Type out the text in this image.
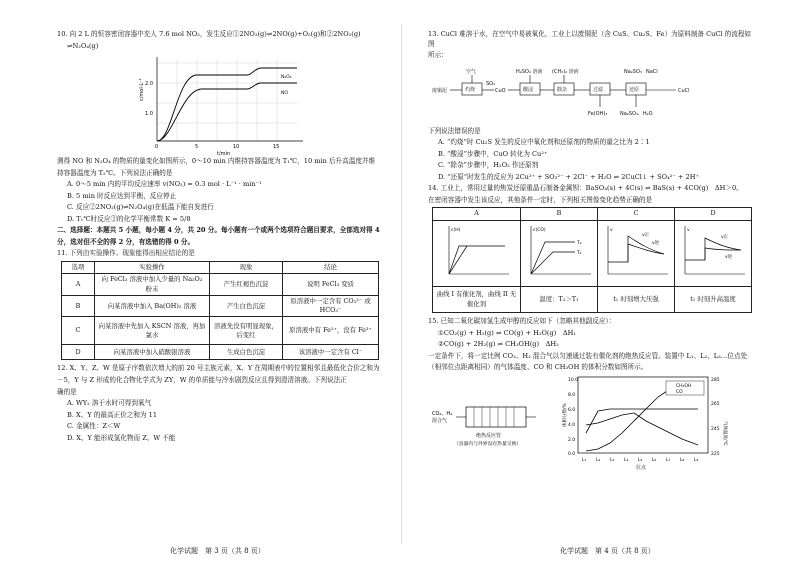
10. 向 2 L 的恒容密闭容器中充人 7.6 mol NO₂，发生反应①2NO₂(g)⇌2NO(g)+O₂(g)和②2NO₂(g)
⇌N₂O₄(g)
c/mol·L⁻¹ 2.0
1.0
N₂O₄
NO
0	5	10	15
t/min
测得 NO 和 N₂O₄ 的物质的量变化如图所示，0～10 min 内维持容器温度为 T₁℃，10 min 后升高温度并维
持容器温度为 T₂℃。下列说法正确的是
A. 0～5 min 内的平均反应速率 v(NO₂) = 0.3 mol · L⁻¹ · min⁻¹
B. 5 min 时反应达到平衡，反应停止
C. 反应②2NO₂(g)⇌N₂O₄(g)在低温下能自发进行
D. T₁℃时反应②的化学平衡常数 K = 5/8
二、选择题：本题共 5 小题，每小题 4 分，共 20 分。每小题有一个或两个选项符合题目要求，全部选对得 4
分，选对但不全的得 2 分，有选错的得 0 分。
11. 下列由实验操作、现象能得出相应结论的是
选项	实验操作	现象	结论
A	向 FeCl₃ 溶液中加入少量的 Na₂O₂ 粉末	产生红褐色沉淀	说明 FeCl₃ 变质
B	向某溶液中加入 Ba(OH)₂ 溶液	产生白色沉淀	原溶液中一定含有 CO₃²⁻ 或 HCO₃⁻
C	向某溶液中先加入 KSCN 溶液，再加氯水	溶液先没有明显现象，后变红	原溶液中有 Fe²⁺，没有 Fe³⁺
D	向某溶液中加入硝酸银溶液	生成白色沉淀	该溶液中一定含有 Cl⁻
12. X、Y、Z、W 是原子序数依次增大的前 20 号主族元素，X、Y 在周期表中的位置相邻且最低化合价之和为
－5，Y 与 Z 形成的化合物化学式为 ZY，W 的单质能与冷水剧烈反应且得到澄清溶液。下列说法正
确的是
A. WY₂ 溶于水时可得到氧气
B. X、Y 的最高正价之和为 11
C. 金属性：Z＜W
D. X、Y 能形成氢化物而 Z、W 不能
化学试题　第 3 页（共 8 页）
13. CuCl 难溶于水，在空气中易被氧化，工业上以废铜泥（含 CuS、Cu₂S、Fe）为原料制备 CuCl 的流程如图
所示：
废铜泥	灼烧
空气
SO₂
CuO	酸浸
H₂SO₄ 溶液
除杂
(CH₃)₂ 溶液
过滤
Fe(OH)₃
还原
Na₂SO₃ NaCl
Na₂SO₄、H₂O
CuCl
下列说法错误的是
A. “灼烧”时 Cu₂S 发生的反应中氧化剂和还原剂的物质的量之比为 2∶1
B. “酸浸”步骤中，CuO 转化为 Cu²⁺
C. “除杂”步骤中，H₂O₂ 作还原剂
D. “还原”时发生的反应为 2Cu²⁺ + SO₃²⁻ + 2Cl⁻ + H₂O ⇌ 2CuCl↓ + SO₄²⁻ + 2H⁺
14. 工业上，常用过量的焦炭还原重晶石制备金属钡：BaSO₄(s) + 4C(s) ⇌ BaS(s) + 4CO(g)　ΔH＞0。
在密闭容器中发生该反应，其他条件一定时，下列相关图像变化趋势正确的是
A	B	C	D

c(H)	c(CO)
T₂
T₁	v
v正
v逆	v
v正
v逆

曲线 I 有催化剂，曲线 II 无催化剂	温度：T₂＞T₁	t₁ 时刻增大压强	t₁ 时刻升高温度
15. 已知二氧化碳加氢生成甲醇的反应如下（忽略其他副反应）：
①CO₂(g) + H₂(g) ⇌ CO(g) + H₂O(g)　ΔH₁
②CO(g) + 2H₂(g) ⇌ CH₃OH(g)　ΔH₂
一定条件下，将一定比例 CO₂、H₂ 混合气以匀速通过装有催化剂的绝热反应管。装置中 L₁、L₂、L₃…位点处
（相邻位点距离相同）的气体温度、CO 和 CH₃OH 的体积分数如图所示。
CO₂、H₂
混合气
绝热反应管
（容器内与外界没有热量交换）
体积分数/%
气体温度/℃
10.0
8.0
6.0
4.0
2.0
0.0
285
265
245
225
CH₃OH
CO
L₁ L₂ L₃ L₄ L₅ L₆ L₇ L₈ L₉
位点
化学试题　第 4 页（共 8 页）
